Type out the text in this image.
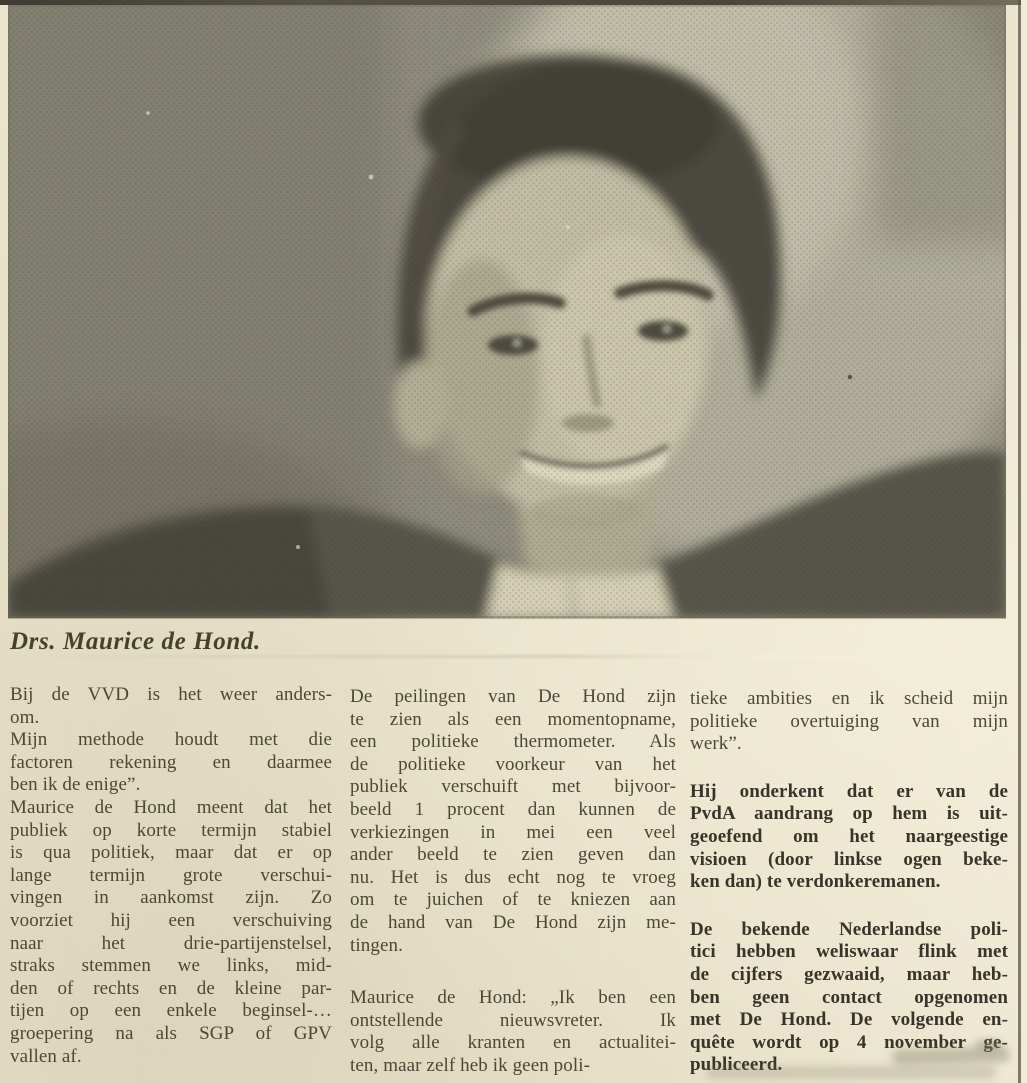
Drs. Maurice de Hond.
Bij de VVD is het weer anders-
om.
Mijn methode houdt met die
factoren rekening en daarmee
ben ik de enige”.
Maurice de Hond meent dat het
publiek op korte termijn stabiel
is qua politiek, maar dat er op
lange termijn grote verschui-
vingen in aankomst zijn. Zo
voorziet hij een verschuiving
naar het drie-partijenstelsel,
straks stemmen we links, mid-
den of rechts en de kleine par-
tijen op een enkele beginsel-…
groepering na als SGP of GPV
vallen af.
De peilingen van De Hond zijn
te zien als een momentopname,
een politieke thermometer. Als
de politieke voorkeur van het
publiek verschuift met bijvoor-
beeld 1 procent dan kunnen de
verkiezingen in mei een veel
ander beeld te zien geven dan
nu. Het is dus echt nog te vroeg
om te juichen of te kniezen aan
de hand van De Hond zijn me-
tingen.
Maurice de Hond: „Ik ben een
ontstellende nieuwsvreter. Ik
volg alle kranten en actualitei-
ten, maar zelf heb ik geen poli-
tieke ambities en ik scheid mijn
politieke overtuiging van mijn
werk”.
Hij onderkent dat er van de
PvdA aandrang op hem is uit-
geoefend om het naargeestige
visioen (door linkse ogen beke-
ken dan) te verdonkeremanen.
De bekende Nederlandse poli-
tici hebben weliswaar flink met
de cijfers gezwaaid, maar heb-
ben geen contact opgenomen
met De Hond. De volgende en-
quête wordt op 4 november ge-
publiceerd.
